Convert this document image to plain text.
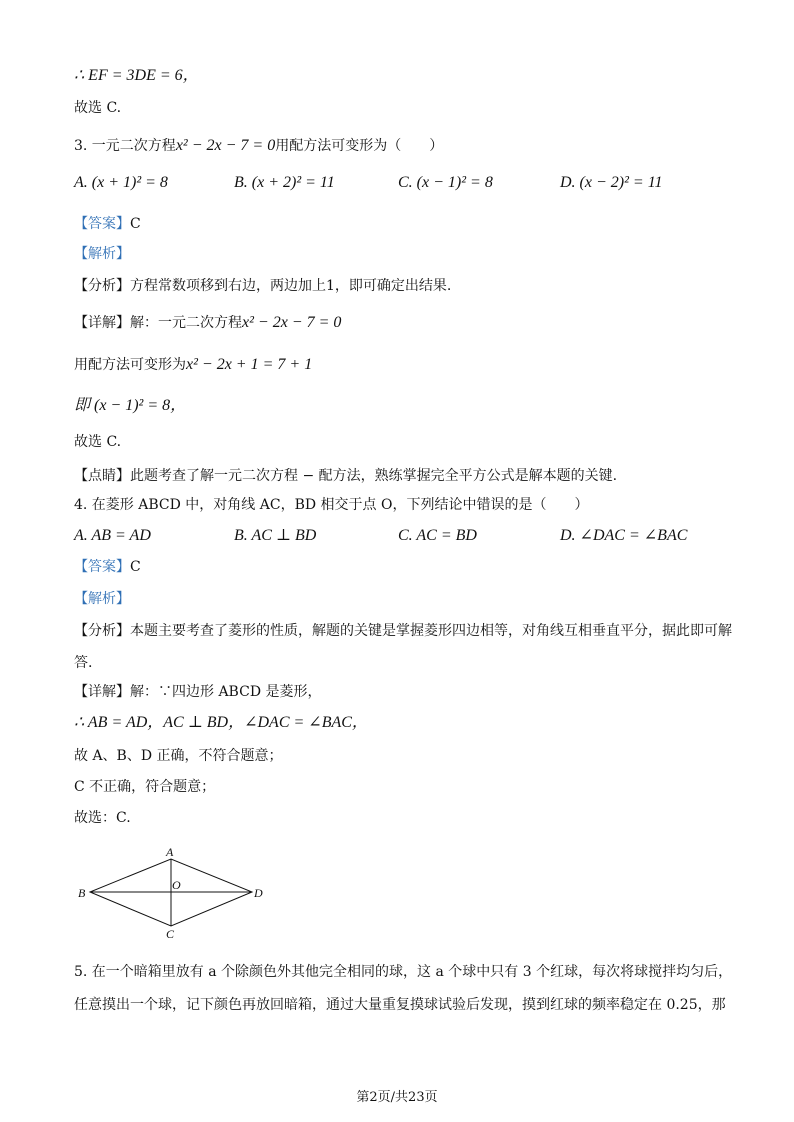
∴ EF = 3DE = 6，
故选 C.
3. 一元二次方程x² − 2x − 7 = 0用配方法可变形为（　　）
A. (x + 1)² = 8	B. (x + 2)² = 11	C. (x − 1)² = 8	D. (x − 2)² = 11
【答案】C
【解析】
【分析】方程常数项移到右边，两边加上1，即可确定出结果.
【详解】解：一元二次方程x² − 2x − 7 = 0
用配方法可变形为x² − 2x + 1 = 7 + 1
即 (x − 1)² = 8，
故选 C.
【点睛】此题考查了解一元二次方程 − 配方法，熟练掌握完全平方公式是解本题的关键.
4. 在菱形 ABCD 中，对角线 AC，BD 相交于点 O，下列结论中错误的是（　　）
A. AB = AD	B. AC ⊥ BD	C. AC = BD	D. ∠DAC = ∠BAC
【答案】C
【解析】
【分析】本题主要考查了菱形的性质，解题的关键是掌握菱形四边相等，对角线互相垂直平分，据此即可解
答.
【详解】解：∵四边形 ABCD 是菱形，
∴ AB = AD，AC ⊥ BD，∠DAC = ∠BAC，
故 A、B、D 正确，不符合题意；
C 不正确，符合题意；
故选：C.
A
B	D
O
C
5. 在一个暗箱里放有 a 个除颜色外其他完全相同的球，这 a 个球中只有 3 个红球，每次将球搅拌均匀后，
任意摸出一个球，记下颜色再放回暗箱，通过大量重复摸球试验后发现，摸到红球的频率稳定在 0.25，那
第2页/共23页
